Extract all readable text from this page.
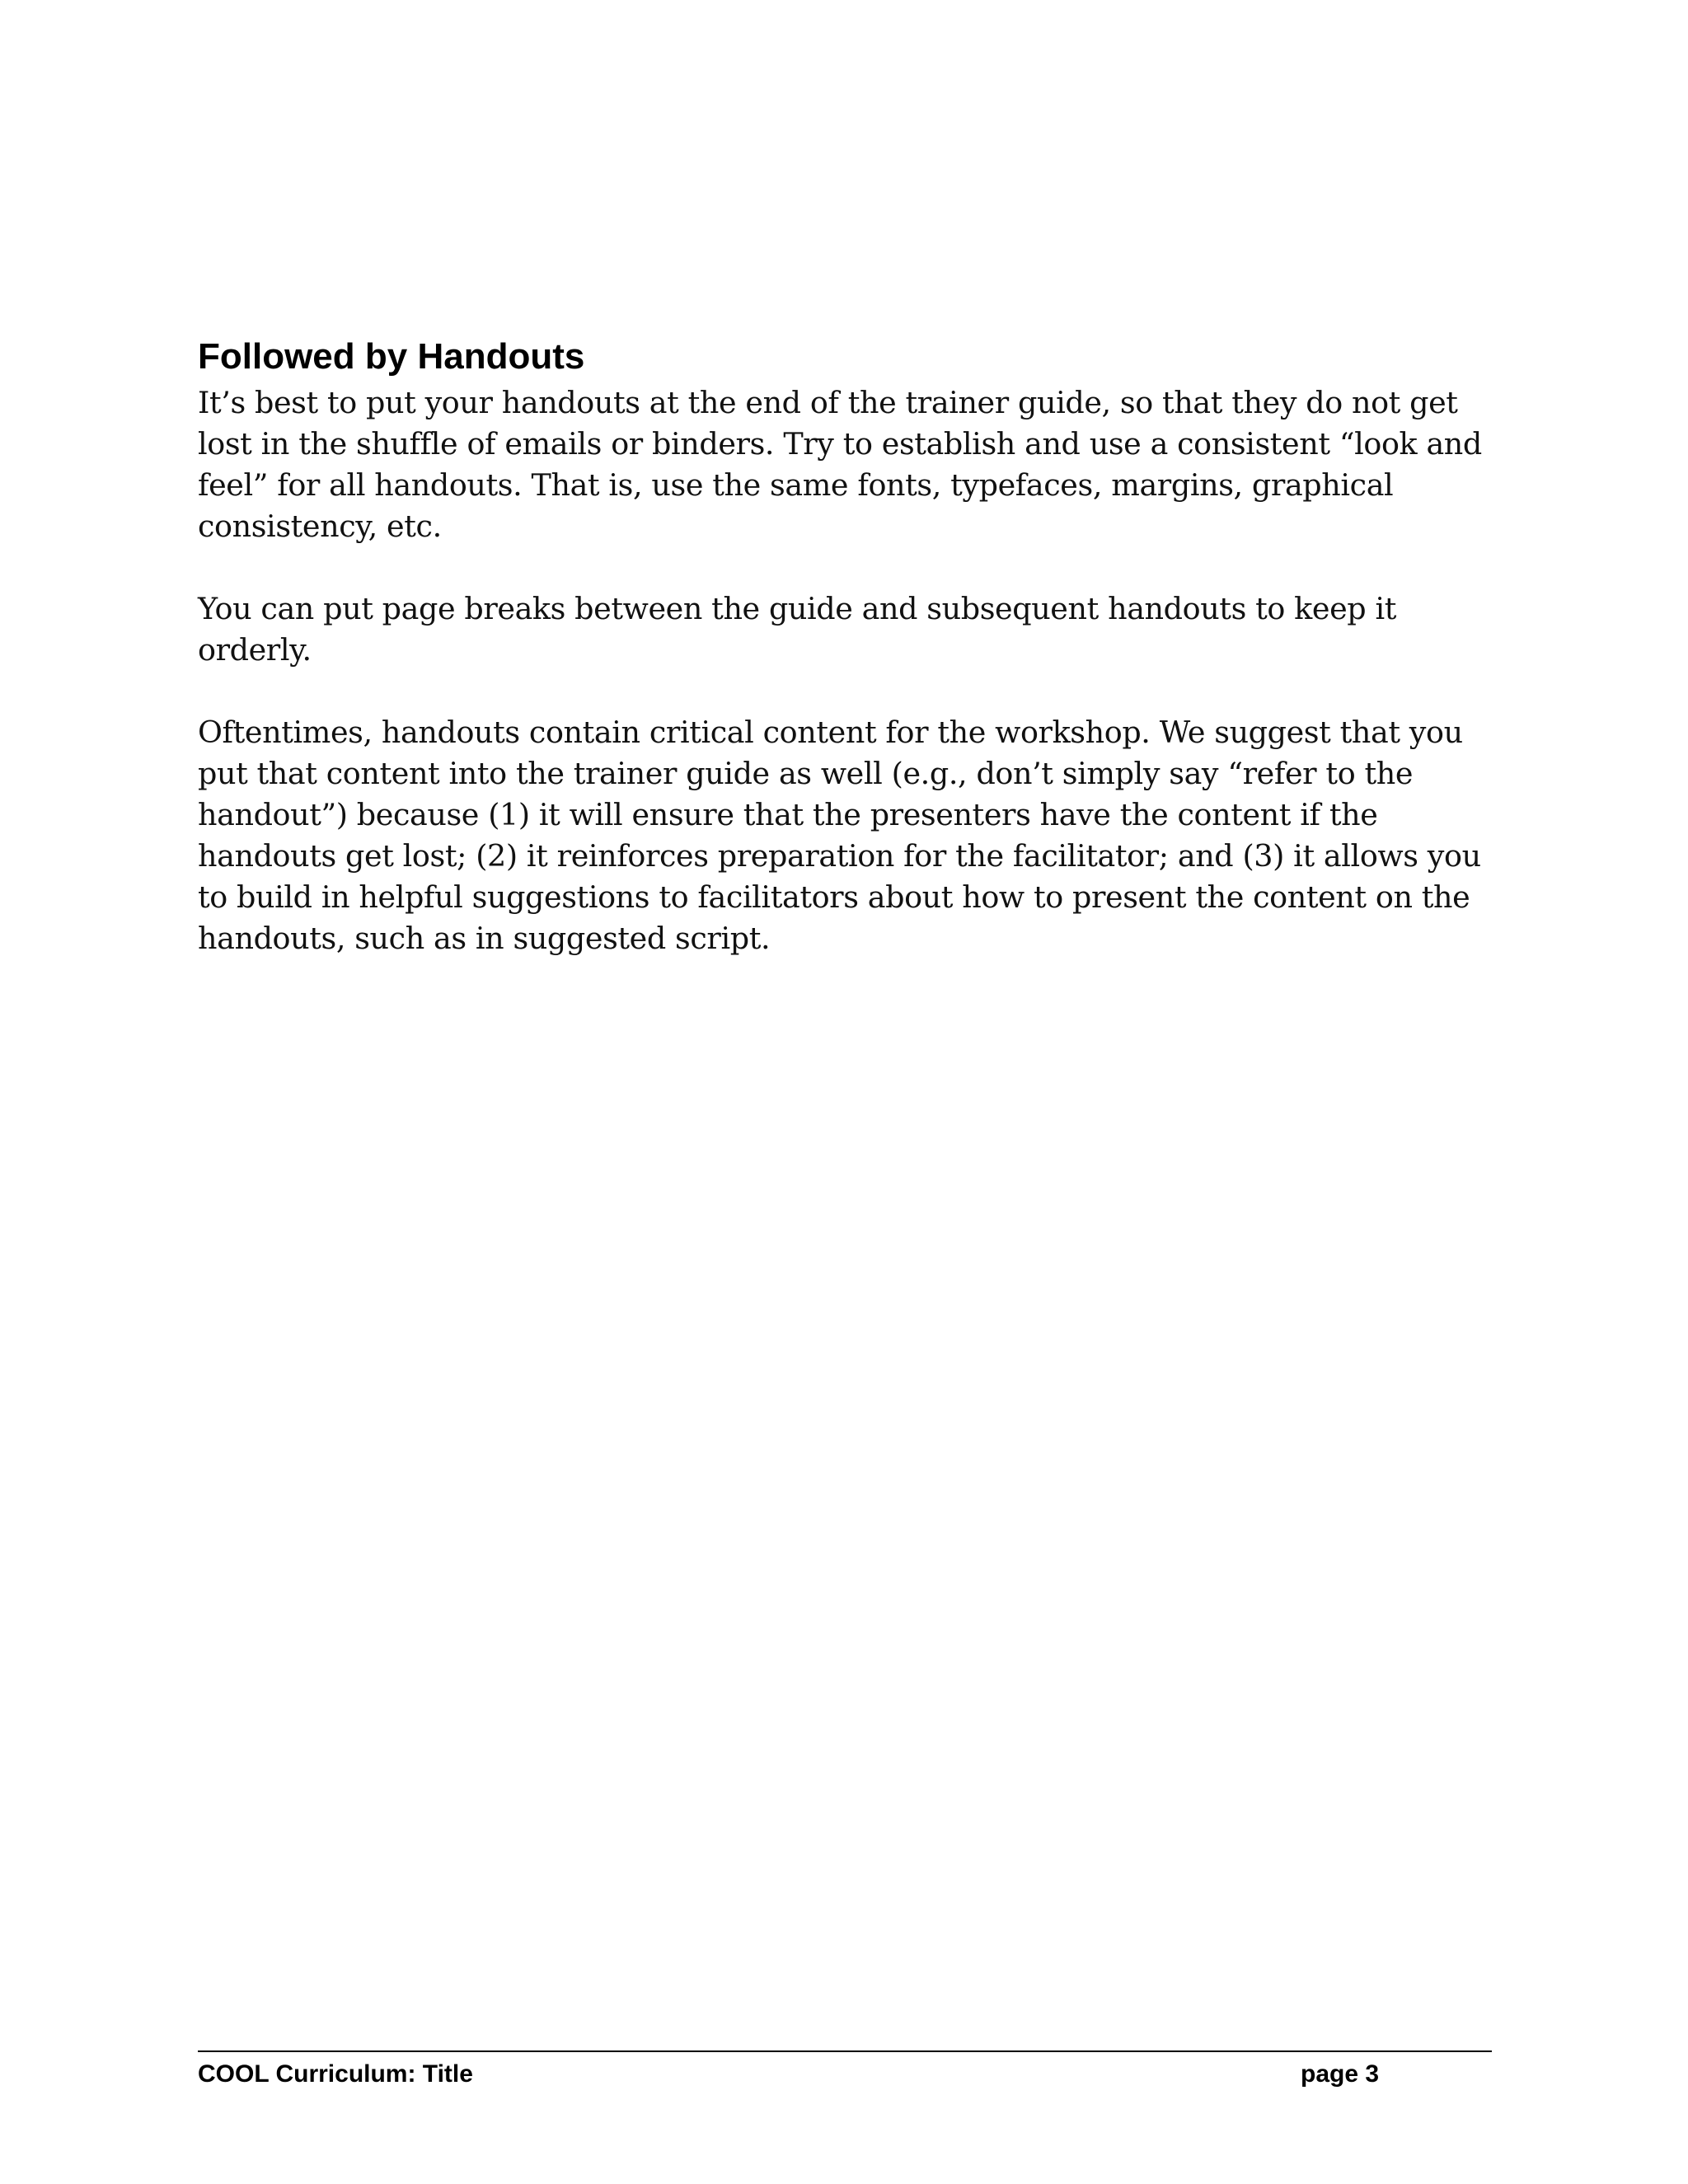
Followed by Handouts

It’s best to put your handouts at the end of the trainer guide, so that they do not get lost in the shuffle of emails or binders. Try to establish and use a consistent “look and feel” for all handouts. That is, use the same fonts, typefaces, margins, graphical consistency, etc.

You can put page breaks between the guide and subsequent handouts to keep it orderly.

Oftentimes, handouts contain critical content for the workshop. We suggest that you put that content into the trainer guide as well (e.g., don’t simply say “refer to the handout”) because (1) it will ensure that the presenters have the content if the handouts get lost; (2) it reinforces preparation for the facilitator; and (3) it allows you to build in helpful suggestions to facilitators about how to present the content on the handouts, such as in suggested script.

COOL Curriculum: Title	page 3
